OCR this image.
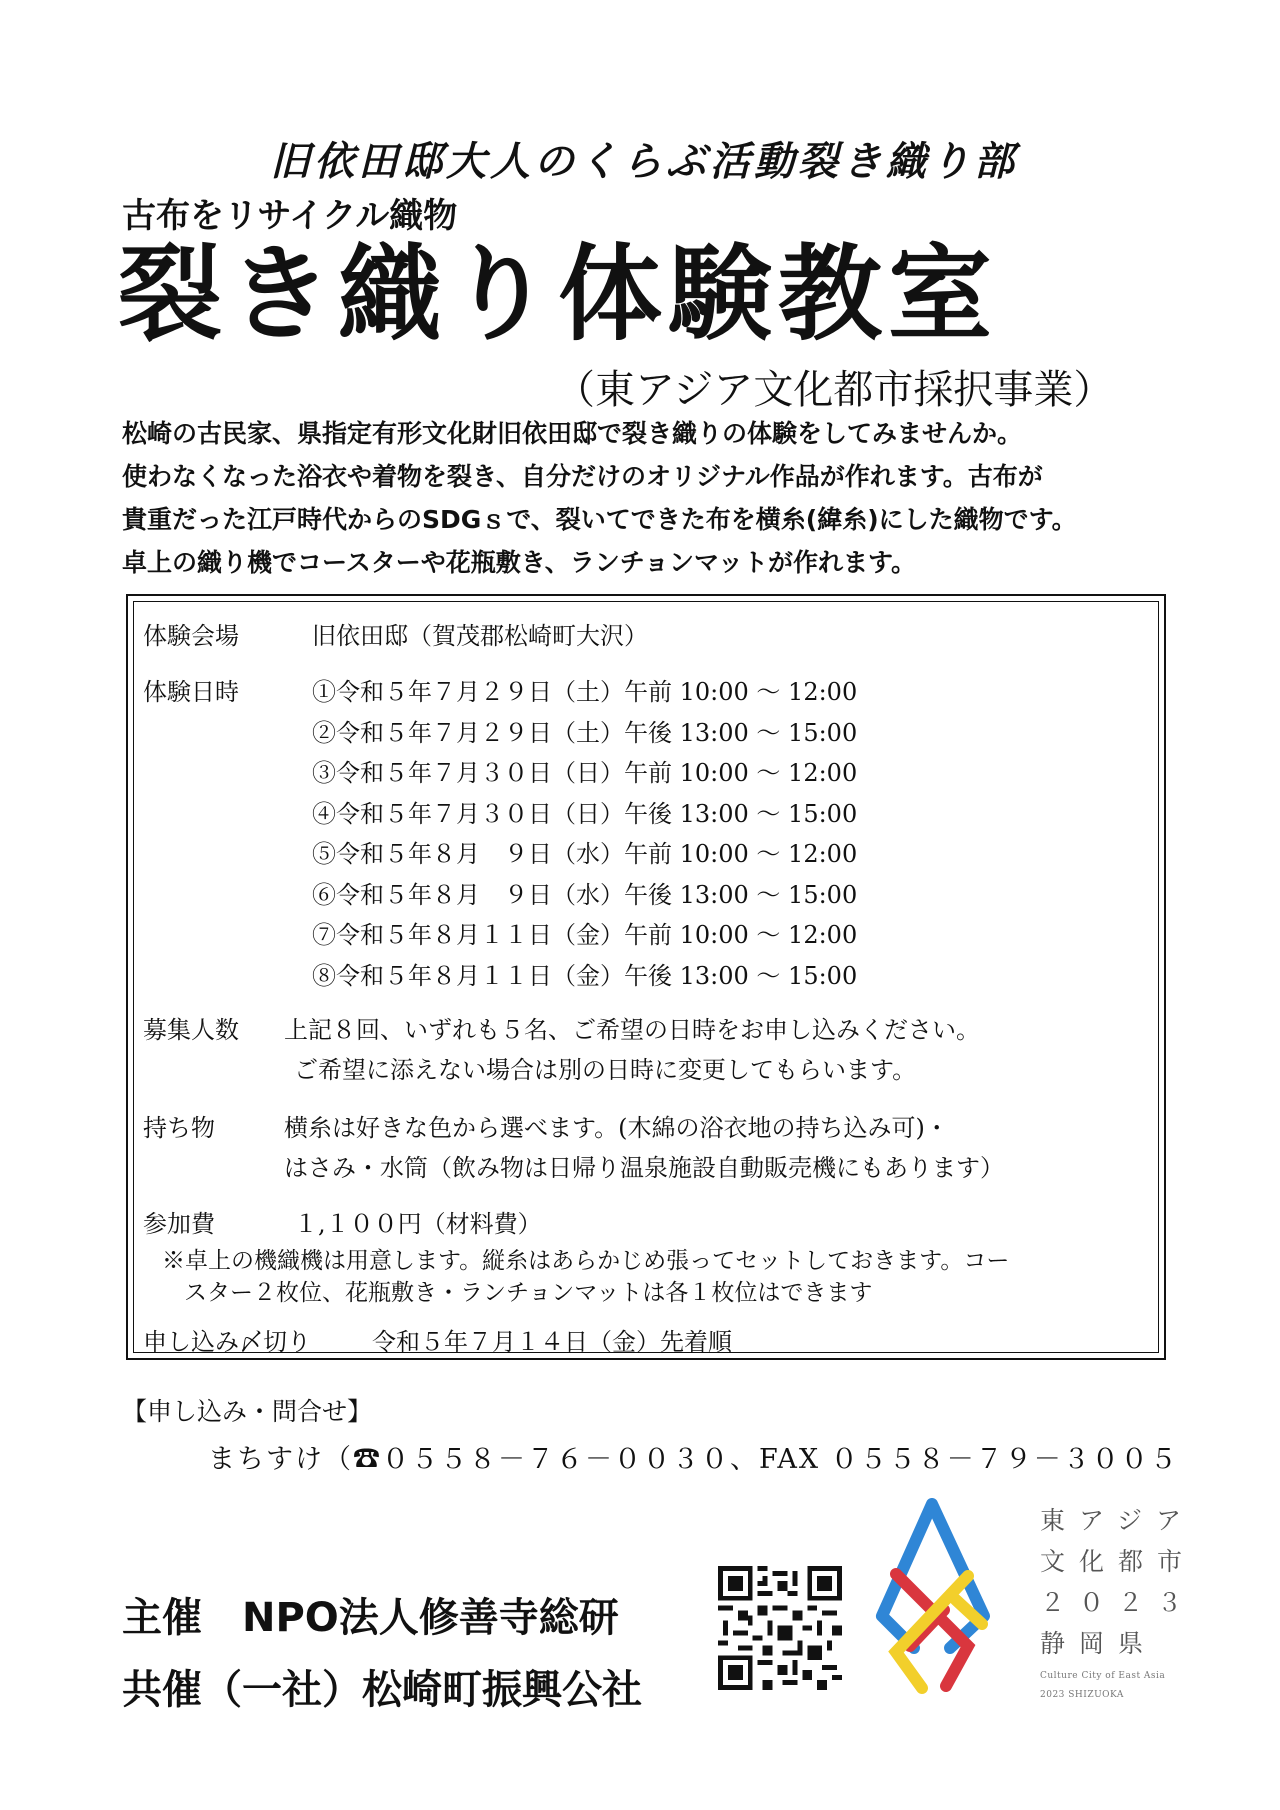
旧依田邸大人のくらぶ活動裂き織り部
古布をリサイクル織物
裂き織り体験教室
（東アジア文化都市採択事業）
松崎の古民家、県指定有形文化財旧依田邸で裂き織りの体験をしてみませんか。
使わなくなった浴衣や着物を裂き、自分だけのオリジナル作品が作れます。古布が
貴重だった江戸時代からのSDGｓで、裂いてできた布を横糸(緯糸)にした織物です。
卓上の織り機でコースターや花瓶敷き、ランチョンマットが作れます。
体験会場	旧依田邸（賀茂郡松崎町大沢）
体験日時	①令和５年７月２９日（土）午前 10:00 ～ 12:00
②令和５年７月２９日（土）午後 13:00 ～ 15:00
③令和５年７月３０日（日）午前 10:00 ～ 12:00
④令和５年７月３０日（日）午後 13:00 ～ 15:00
⑤令和５年８月　９日（水）午前 10:00 ～ 12:00
⑥令和５年８月　９日（水）午後 13:00 ～ 15:00
⑦令和５年８月１１日（金）午前 10:00 ～ 12:00
⑧令和５年８月１１日（金）午後 13:00 ～ 15:00
募集人数 上記８回、いずれも５名、ご希望の日時をお申し込みください。
ご希望に添えない場合は別の日時に変更してもらいます。
持ち物	横糸は好きな色から選べます。(木綿の浴衣地の持ち込み可)・
はさみ・水筒（飲み物は日帰り温泉施設自動販売機にもあります）
参加費	１,１００円（材料費）
※卓上の機織機は用意します。縦糸はあらかじめ張ってセットしておきます。コー
スター２枚位、花瓶敷き・ランチョンマットは各１枚位はできます
申し込み〆切り	令和５年７月１４日（金）先着順
【申し込み・問合せ】
まちすけ（☎０５５８－７６－００３０、FAX ０５５８－７９－３００５
主催 NPO法人修善寺総研
共催（一社）松崎町振興公社
東アジア
文化都市
２０２３
静岡県
Culture City of East Asia
2023 SHIZUOKA
